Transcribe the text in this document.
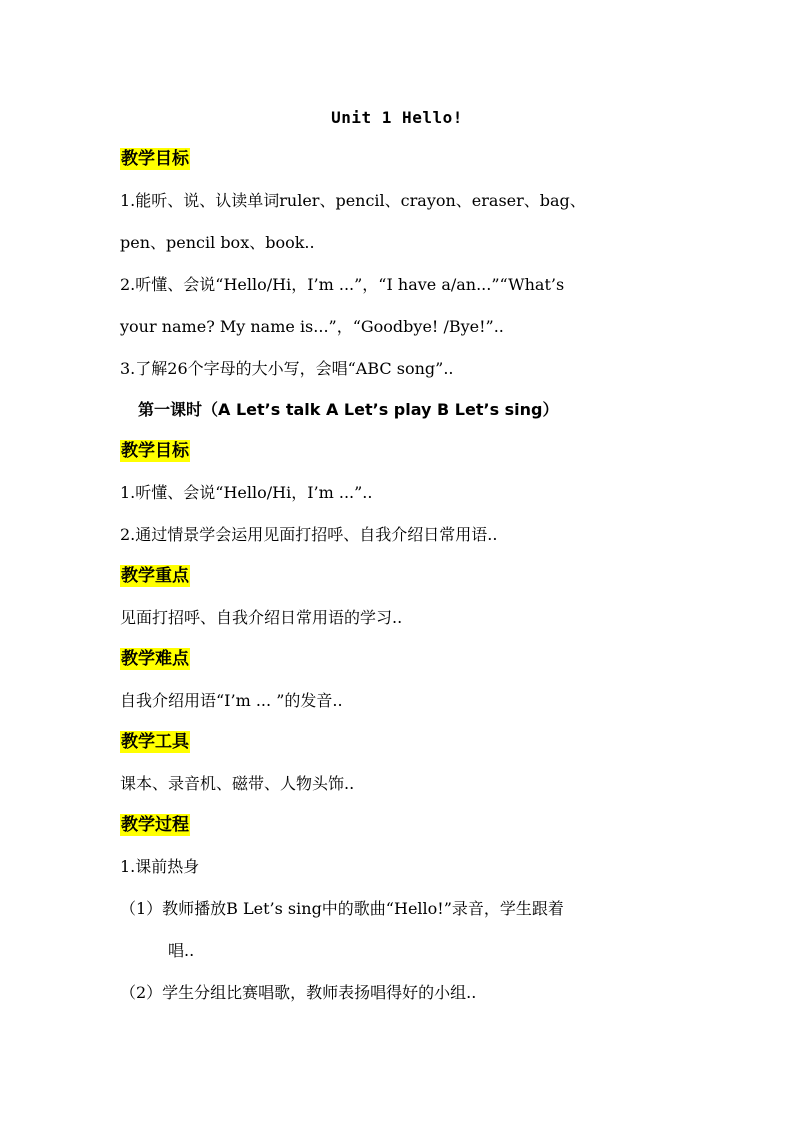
Unit 1 Hello!
教学目标
1.能听、说、认读单词ruler、pencil、crayon、eraser、bag、
pen、pencil box、book..
2.听懂、会说“Hello/Hi，I’m ...”，“I have a/an...”“What’s
your name? My name is...”，“Goodbye! /Bye!”..
3.了解26个字母的大小写，会唱“ABC song”..
第一课时（A Let’s talk A Let’s play B Let’s sing）
教学目标
1.听懂、会说“Hello/Hi，I’m ...”..
2.通过情景学会运用见面打招呼、自我介绍日常用语..
教学重点
见面打招呼、自我介绍日常用语的学习..
教学难点
自我介绍用语“I’m ... ”的发音..
教学工具
课本、录音机、磁带、人物头饰..
教学过程
1.课前热身
（1）教师播放B Let’s sing中的歌曲“Hello!”录音，学生跟着
唱..
（2）学生分组比赛唱歌，教师表扬唱得好的小组..
